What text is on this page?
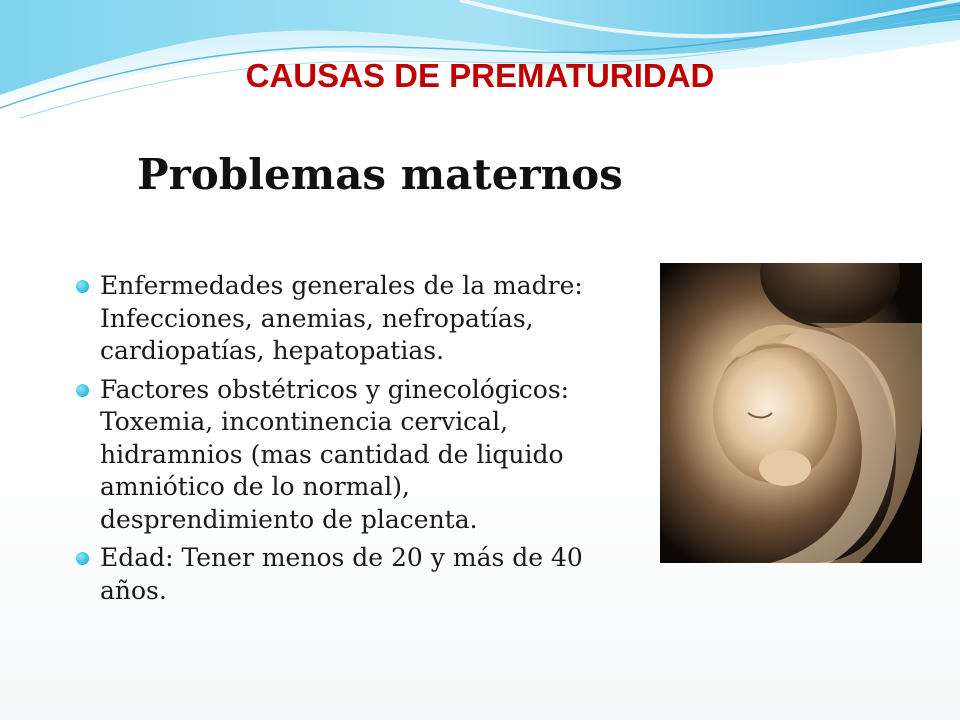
CAUSAS DE PREMATURIDAD
Problemas maternos
Enfermedades generales de la madre: Infecciones, anemias, nefropatías, cardiopatías, hepatopatias.
Factores obstétricos y ginecológicos: Toxemia, incontinencia cervical, hidramnios (mas cantidad de liquido amniótico de lo normal), desprendimiento de placenta.
Edad: Tener menos de 20 y más de 40 años.
